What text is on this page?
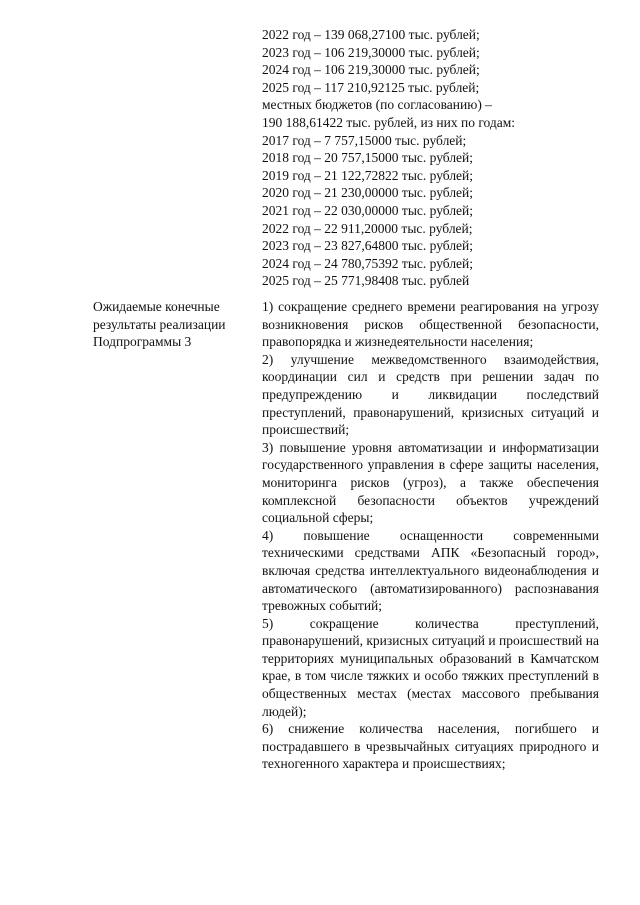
2022 год – 139 068,27100 тыс. рублей;
2023 год – 106 219,30000 тыс. рублей;
2024 год – 106 219,30000 тыс. рублей;
2025 год – 117 210,92125 тыс. рублей;
местных бюджетов (по согласованию) –
190 188,61422 тыс. рублей, из них по годам:
2017 год – 7 757,15000 тыс. рублей;
2018 год – 20 757,15000 тыс. рублей;
2019 год – 21 122,72822 тыс. рублей;
2020 год – 21 230,00000 тыс. рублей;
2021 год – 22 030,00000 тыс. рублей;
2022 год – 22 911,20000 тыс. рублей;
2023 год – 23 827,64800 тыс. рублей;
2024 год – 24 780,75392 тыс. рублей;
2025 год – 25 771,98408 тыс. рублей
Ожидаемые конечные
результаты реализации
Подпрограммы 3

1) сокращение среднего времени реагирования на угрозу возникновения рисков общественной безопасности, правопорядка и жизнедеятельности населения;

2) улучшение межведомственного взаимодействия, координации сил и средств при решении задач по предупреждению и ликвидации последствий преступлений, правонарушений, кризисных ситуаций и происшествий;

3) повышение уровня автоматизации и информатизации государственного управления в сфере защиты населения, мониторинга рисков (угроз), а также обеспечения комплексной безопасности объектов учреждений социальной сферы;

4) повышение оснащенности современными техническими средствами АПК «Безопасный город», включая средства интеллектуального видеонаблюдения и автоматического (автоматизированного) распознавания тревожных событий;

5) сокращение количества преступлений, правонарушений, кризисных ситуаций и происшествий на территориях муниципальных образований в Камчатском крае, в том числе тяжких и особо тяжких преступлений в общественных местах (местах массового пребывания людей);

6) снижение количества населения, погибшего и пострадавшего в чрезвычайных ситуациях природного и техногенного характера и происшествиях;
